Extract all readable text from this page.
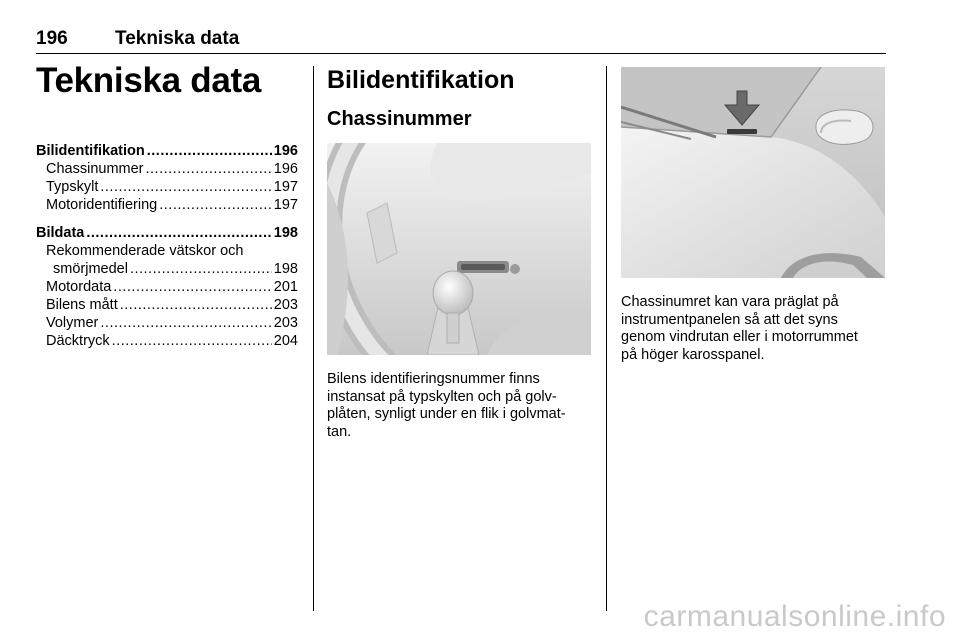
196 Tekniska data
Tekniska data
Bilidentifikation .....	196
Chassinummer .....	196
Typskylt .....	197
Motoridentifiering .....	197
Bildata .....	198
Rekommenderade vätskor och
smörjmedel .....	198
Motordata .....	201
Bilens mått .....	203
Volymer .....	203
Däcktryck .....	204
Bilidentifikation
Chassinummer
Bilens identifieringsnummer finns
instansat på typskylten och på golv-
plåten, synligt under en flik i golvmat-
tan.
Chassinumret kan vara präglat på
instrumentpanelen så att det syns
genom vindrutan eller i motorrummet
på höger karosspanel.
carmanualsonline.info
